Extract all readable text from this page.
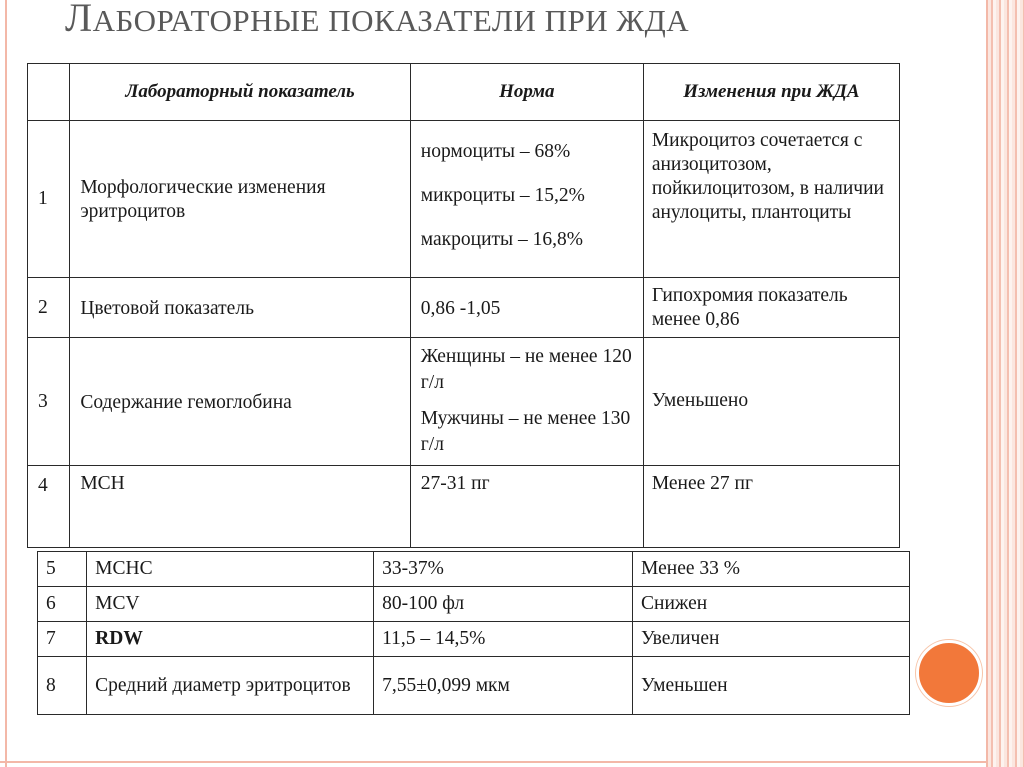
ЛАБОРАТОРНЫЕ ПОКАЗАТЕЛИ ПРИ ЖДА
	Лабораторный показатель	Норма	Изменения при ЖДА
1	Морфологические изменения эритроцитов	нормоциты – 68%
микроциты – 15,2%
макроциты – 16,8%	Микроцитоз сочетается с анизоцитозом, пойкилоцитозом, в наличии анулоциты, плантоциты
2	Цветовой показатель	0,86 -1,05	Гипохромия показатель менее 0,86
3	Содержание гемоглобина	Женщины – не менее 120 г/л
Мужчины – не менее 130 г/л	Уменьшено
4	МСН	27-31 пг	Менее 27 пг
5	МСНС	33-37%	Менее 33 %
6	MCV	80-100 фл	Снижен
7	RDW	11,5 – 14,5%	Увеличен
8	Средний диаметр эритроцитов	7,55±0,099 мкм	Уменьшен
